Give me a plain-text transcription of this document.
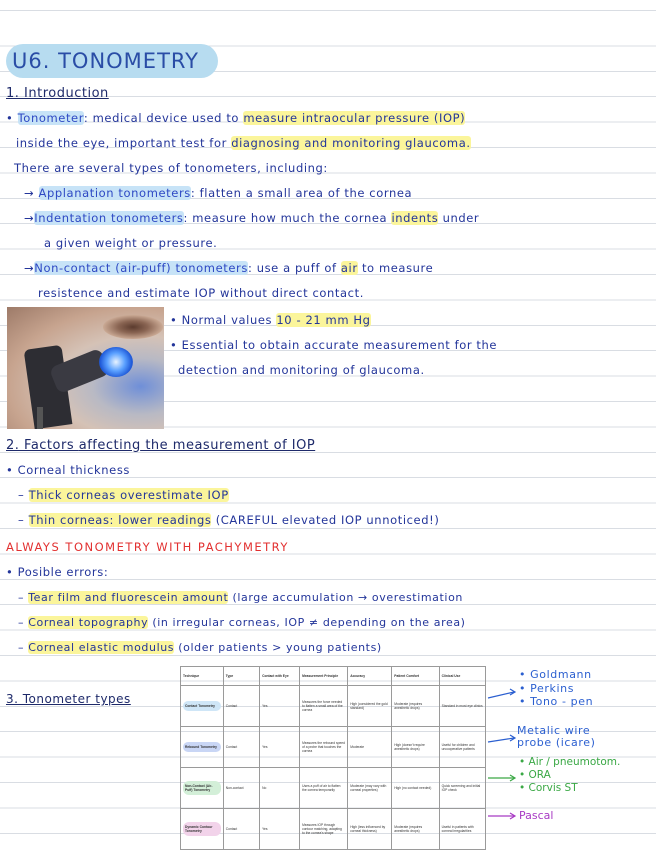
U6. TONOMETRY
1. Introduction
• Tonometer: medical device used to measure intraocular pressure (IOP)
inside the eye, important test for diagnosing and monitoring glaucoma.
There are several types of tonometers, including:
→ Applanation tonometers: flatten a small area of the cornea
→Indentation tonometers: measure how much the cornea indents under
a given weight or pressure.
→Non-contact (air-puff) tonometers: use a puff of air to measure
resistence and estimate IOP without direct contact.
• Normal values 10 - 21 mm Hg
• Essential to obtain accurate measurement for the
detection and monitoring of glaucoma.
2. Factors affecting the measurement of IOP
• Corneal thickness
– Thick corneas overestimate IOP
– Thin corneas: lower readings (CAREFUL elevated IOP unnoticed!)
ALWAYS TONOMETRY WITH PACHYMETRY
• Posible errors:
– Tear film and fluorescein amount (large accumulation → overestimation
– Corneal topography (in irregular corneas, IOP ≠ depending on the area)
– Corneal elastic modulus (older patients > young patients)
3. Tonometer types
Technique	Type	Contact with Eye	Measurement Principle	Accuracy	Patient Comfort	Clinical Use

Contact Tonometry	Contact	Yes	Measures the force needed to flatten a small area of the cornea	High (considered the gold standard)	Moderate (requires anesthetic drops)	Standard in most eye clinics

Rebound Tonometry	Contact	Yes	Measures the rebound speed of a probe that touches the cornea	Moderate	High (doesn't require anesthetic drops)	Useful for children and uncooperative patients

Non-Contact (Air-Puff) Tonometry	Non-contact	No	Uses a puff of air to flatten the cornea temporarily	Moderate (may vary with corneal properties)	High (no contact needed)	Quick screening and initial IOP check

Dynamic Contour Tonometry	Contact	Yes	Measures IOP through contour matching, adapting to the cornea's shape	High (less influenced by corneal thickness)	Moderate (requires anesthetic drops)	Useful in patients with corneal irregularities
• Goldmann
• Perkins
• Tono - pen
Metalic wire
probe (icare)
• Air / pneumotom.
• ORA
• Corvis ST
Pascal
